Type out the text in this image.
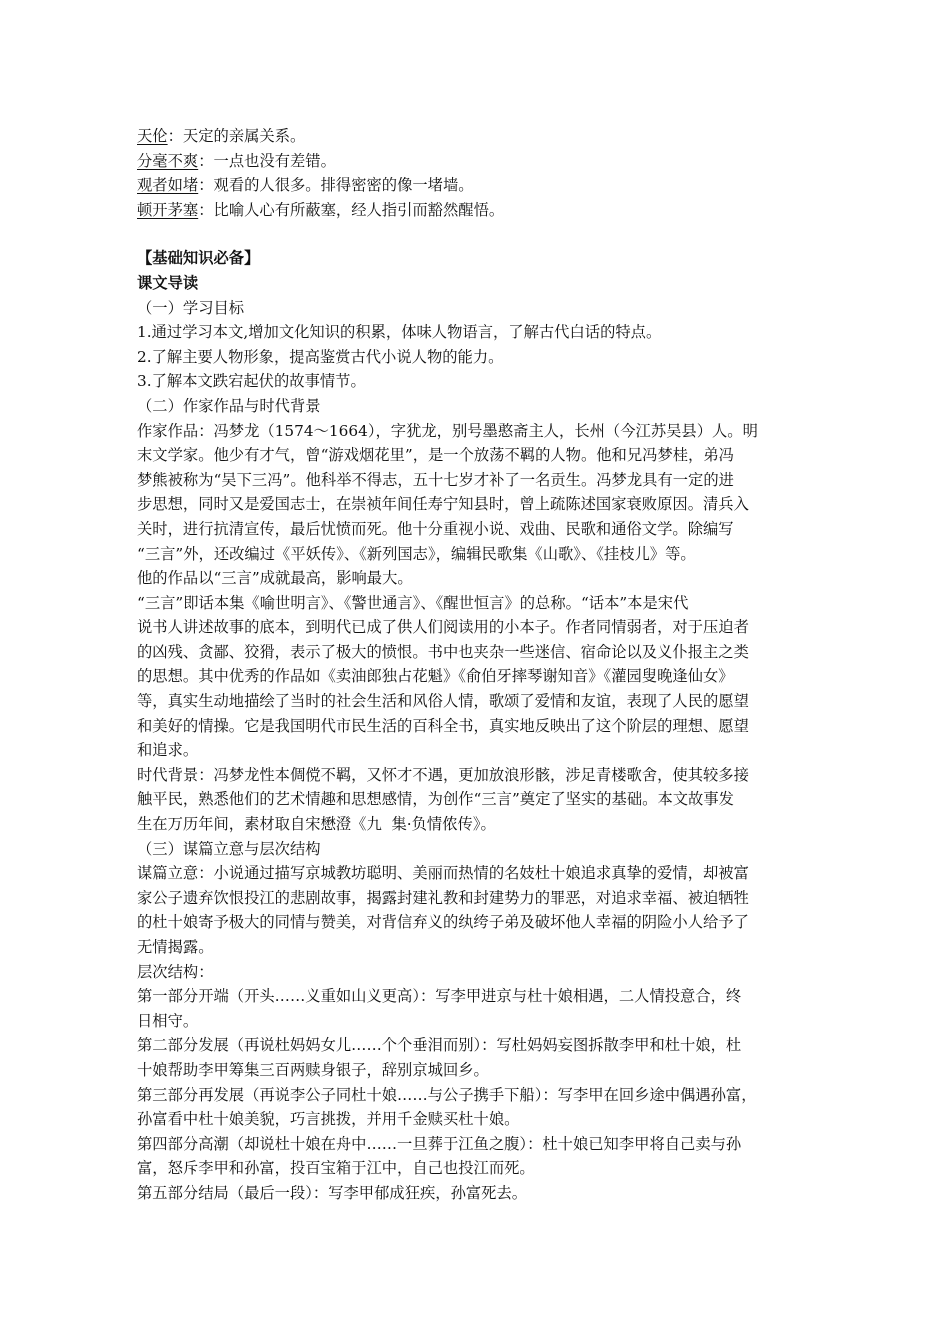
天伦：天定的亲属关系。

分毫不爽：一点也没有差错。

观者如堵：观看的人很多。排得密密的像一堵墙。

顿开茅塞：比喻人心有所蔽塞，经人指引而豁然醒悟。

【基础知识必备】

课文导读

（一）学习目标

1.通过学习本文,增加文化知识的积累，体味人物语言，了解古代白话的特点。

2.了解主要人物形象，提高鉴赏古代小说人物的能力。

3.了解本文跌宕起伏的故事情节。

（二）作家作品与时代背景

作家作品：冯梦龙（1574～1664），字犹龙，别号墨憨斋主人，长州（今江苏吴县）人。明

末文学家。他少有才气，曾“游戏烟花里”，是一个放荡不羁的人物。他和兄冯梦桂，弟冯

梦熊被称为“吴下三冯”。他科举不得志，五十七岁才补了一名贡生。冯梦龙具有一定的进

步思想，同时又是爱国志士，在崇祯年间任寿宁知县时，曾上疏陈述国家衰败原因。清兵入

关时，进行抗清宣传，最后忧愤而死。他十分重视小说、戏曲、民歌和通俗文学。除编写

“三言”外，还改编过《平妖传》、《新列国志》，编辑民歌集《山歌》、《挂枝儿》等。

他的作品以“三言”成就最高，影响最大。

“三言”即话本集《喻世明言》、《警世通言》、《醒世恒言》的总称。“话本”本是宋代

说书人讲述故事的底本，到明代已成了供人们阅读用的小本子。作者同情弱者，对于压迫者

的凶残、贪鄙、狡猾，表示了极大的愤恨。书中也夹杂一些迷信、宿命论以及义仆报主之类

的思想。其中优秀的作品如《卖油郎独占花魁》《俞伯牙摔琴谢知音》《灌园叟晚逢仙女》

等，真实生动地描绘了当时的社会生活和风俗人情，歌颂了爱情和友谊，表现了人民的愿望

和美好的情操。它是我国明代市民生活的百科全书，真实地反映出了这个阶层的理想、愿望

和追求。

时代背景：冯梦龙性本倜傥不羁，又怀才不遇，更加放浪形骸，涉足青楼歌舍，使其较多接

触平民，熟悉他们的艺术情趣和思想感情，为创作“三言”奠定了坚实的基础。本文故事发

生在万历年间，素材取自宋懋澄《九  集·负情侬传》。

（三）谋篇立意与层次结构

谋篇立意：小说通过描写京城教坊聪明、美丽而热情的名妓杜十娘追求真挚的爱情，却被富

家公子遗弃饮恨投江的悲剧故事，揭露封建礼教和封建势力的罪恶，对追求幸福、被迫牺牲

的杜十娘寄予极大的同情与赞美，对背信弃义的纨绔子弟及破坏他人幸福的阴险小人给予了

无情揭露。

层次结构：

第一部分开端（开头……义重如山义更高）：写李甲进京与杜十娘相遇，二人情投意合，终

日相守。

第二部分发展（再说杜妈妈女儿……个个垂泪而别）：写杜妈妈妄图拆散李甲和杜十娘，杜

十娘帮助李甲筹集三百两赎身银子，辞别京城回乡。

第三部分再发展（再说李公子同杜十娘……与公子携手下船）：写李甲在回乡途中偶遇孙富，

孙富看中杜十娘美貌，巧言挑拨，并用千金赎买杜十娘。

第四部分高潮（却说杜十娘在舟中……一旦葬于江鱼之腹）：杜十娘已知李甲将自己卖与孙

富，怒斥李甲和孙富，投百宝箱于江中，自己也投江而死。

第五部分结局（最后一段）：写李甲郁成狂疾，孙富死去。
